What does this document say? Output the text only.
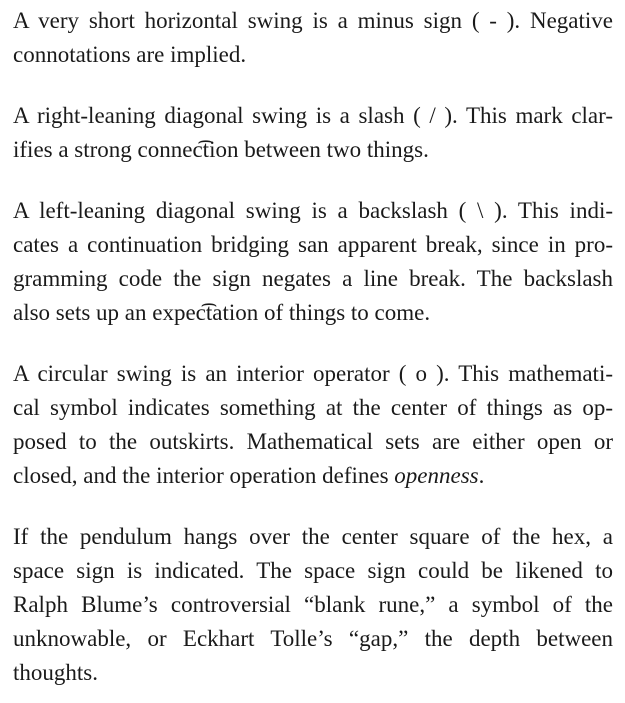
A very short horizontal swing is a minus sign ( - ). Negative
connotations are implied.
A right-leaning diagonal swing is a slash ( / ). This mark clar-
ifies a strong connec͡tion between two things.
A left-leaning diagonal swing is a backslash ( \ ). This indi-
cates a continuation bridging san apparent break, since in pro-
gramming code the sign negates a line break. The backslash
also sets up an expec͡tation of things to come.
A circular swing is an interior operator ( o ). This mathemati-
cal symbol indicates something at the center of things as op-
posed to the outskirts. Mathematical sets are either open or
closed, and the interior operation defines openness.
If the pendulum hangs over the center square of the hex, a
space sign is indicated. The space sign could be likened to
Ralph Blume’s controversial “blank rune,” a symbol of the
unknowable, or Eckhart Tolle’s “gap,” the depth between
thoughts.
